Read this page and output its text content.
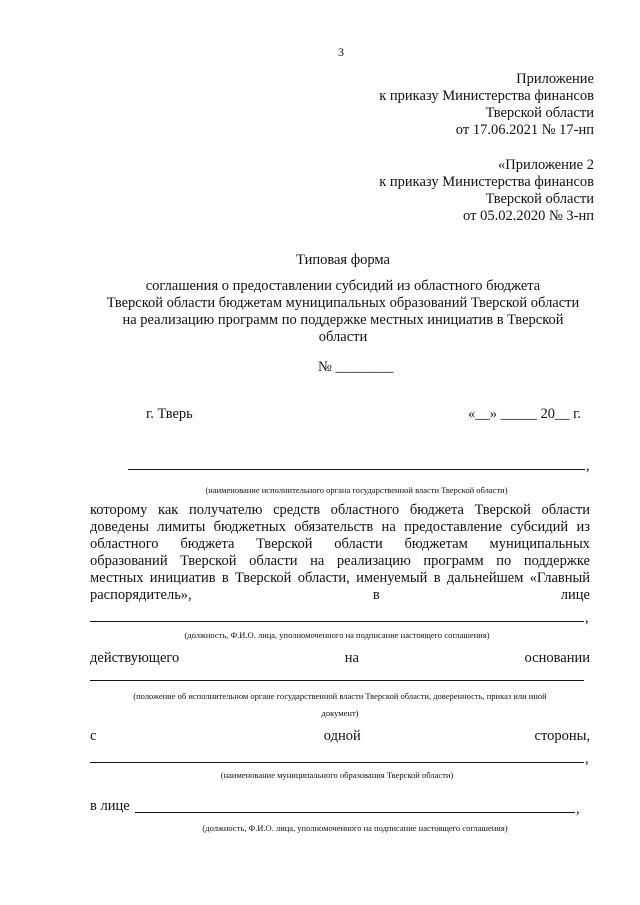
3
Приложение
к приказу Министерства финансов
Тверской области
от 17.06.2021 № 17-нп
«Приложение 2
к приказу Министерства финансов
Тверской области
от 05.02.2020 № 3-нп
Типовая форма
соглашения о предоставлении субсидий из областного бюджета
Тверской области бюджетам муниципальных образований Тверской области
на реализацию программ по поддержке местных инициатив в Тверской
области
№ ________
г. Тверь	«__» _____ 20__ г.
,
(наименование исполнительного органа государственной власти Тверской области)
которому как получателю средств областного бюджета Тверской области
доведены лимиты бюджетных обязательств на предоставление субсидий из
областного бюджета Тверской области бюджетам муниципальных
образований Тверской области на реализацию программ по поддержке
местных инициатив в Тверской области, именуемый в дальнейшем «Главный
распорядитель»,	в	лице
,
(должность, Ф.И.О. лица, уполномоченного на подписание настоящего соглашения)
действующего	на	основании
(положение об исполнительном органе государственной власти Тверской области, доверенность, приказ или иной
документ)
с	одной	стороны,
,
(наименование муниципального образования Тверской области)
в лице	,
(должность, Ф.И.О. лица, уполномоченного на подписание настоящего соглашения)
